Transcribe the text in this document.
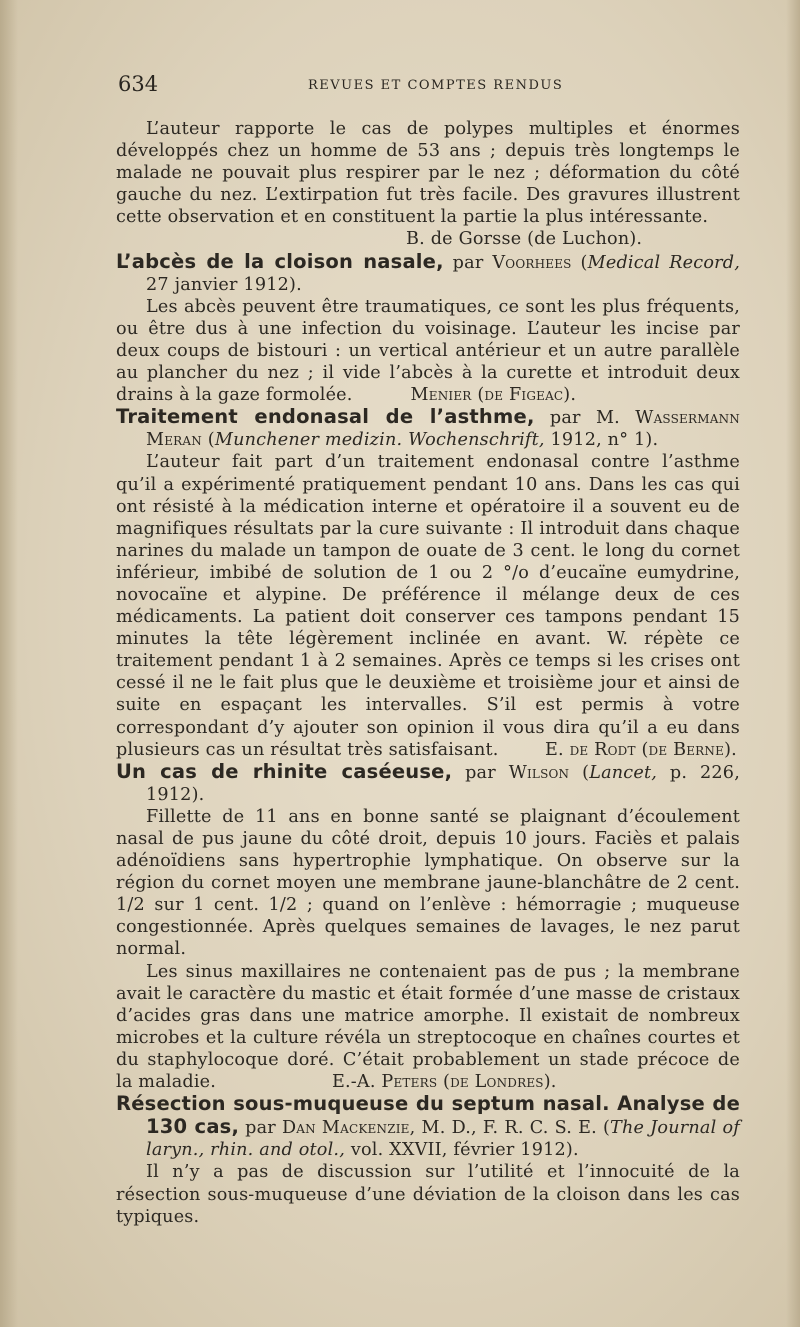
634	REVUES ET COMPTES RENDUS

L’auteur rapporte le cas de polypes multiples et énormes développés chez un homme de 53 ans ; depuis très longtemps le malade ne pouvait plus respirer par le nez ; déformation du côté gauche du nez. L’extirpation fut très facile. Des gravures illustrent cette observation et en constituent la partie la plus intéressante.

B. de Gorsse (de Luchon).

L’abcès de la cloison nasale, par Voorhees (Medical Record, 27 janvier 1912).

Les abcès peuvent être traumatiques, ce sont les plus fréquents, ou être dus à une infection du voisinage. L’auteur les incise par deux coups de bistouri : un vertical antérieur et un autre parallèle au plancher du nez ; il vide l’abcès à la curette et introduit deux drains à la gaze formolée.	Menier (de Figeac).

Traitement endonasal de l’asthme, par M. Wassermann Meran (Munchener medizin. Wochenschrift, 1912, n° 1).

L’auteur fait part d’un traitement endonasal contre l’asthme qu’il a expérimenté pratiquement pendant 10 ans. Dans les cas qui ont résisté à la médication interne et opératoire il a souvent eu de magnifiques résultats par la cure suivante : Il introduit dans chaque narines du malade un tampon de ouate de 3 cent. le long du cornet inférieur, imbibé de solution de 1 ou 2 °/o d’eucaïne eumydrine, novocaïne et alypine. De préférence il mélange deux de ces médicaments. La patient doit conserver ces tampons pendant 15 minutes la tête légèrement inclinée en avant. W. répète ce traitement pendant 1 à 2 semaines. Après ce temps si les crises ont cessé il ne le fait plus que le deuxième et troisième jour et ainsi de suite en espaçant les intervalles. S’il est permis à votre correspondant d’y ajouter son opinion il vous dira qu’il a eu dans plusieurs cas un résultat très satisfaisant.	E. de Rodt (de Berne).

Un cas de rhinite caséeuse, par Wilson (Lancet, p. 226, 1912).

Fillette de 11 ans en bonne santé se plaignant d’écoulement nasal de pus jaune du côté droit, depuis 10 jours. Faciès et palais adénoïdiens sans hypertrophie lymphatique. On observe sur la région du cornet moyen une membrane jaune-blanchâtre de 2 cent. 1/2 sur 1 cent. 1/2 ; quand on l’enlève : hémorragie ; muqueuse congestionnée. Après quelques semaines de lavages, le nez parut normal.

Les sinus maxillaires ne contenaient pas de pus ; la membrane avait le caractère du mastic et était formée d’une masse de cristaux d’acides gras dans une matrice amorphe. Il existait de nombreux microbes et la culture révéla un streptocoque en chaînes courtes et du staphylocoque doré. C’était probablement un stade précoce de la maladie.	E.-A. Peters (de Londres).

Résection sous-muqueuse du septum nasal. Analyse de 130 cas, par Dan Mackenzie, M. D., F. R. C. S. E. (The Journal of laryn., rhin. and otol., vol. XXVII, février 1912).

Il n’y a pas de discussion sur l’utilité et l’innocuité de la résection sous-muqueuse d’une déviation de la cloison dans les cas typiques.
